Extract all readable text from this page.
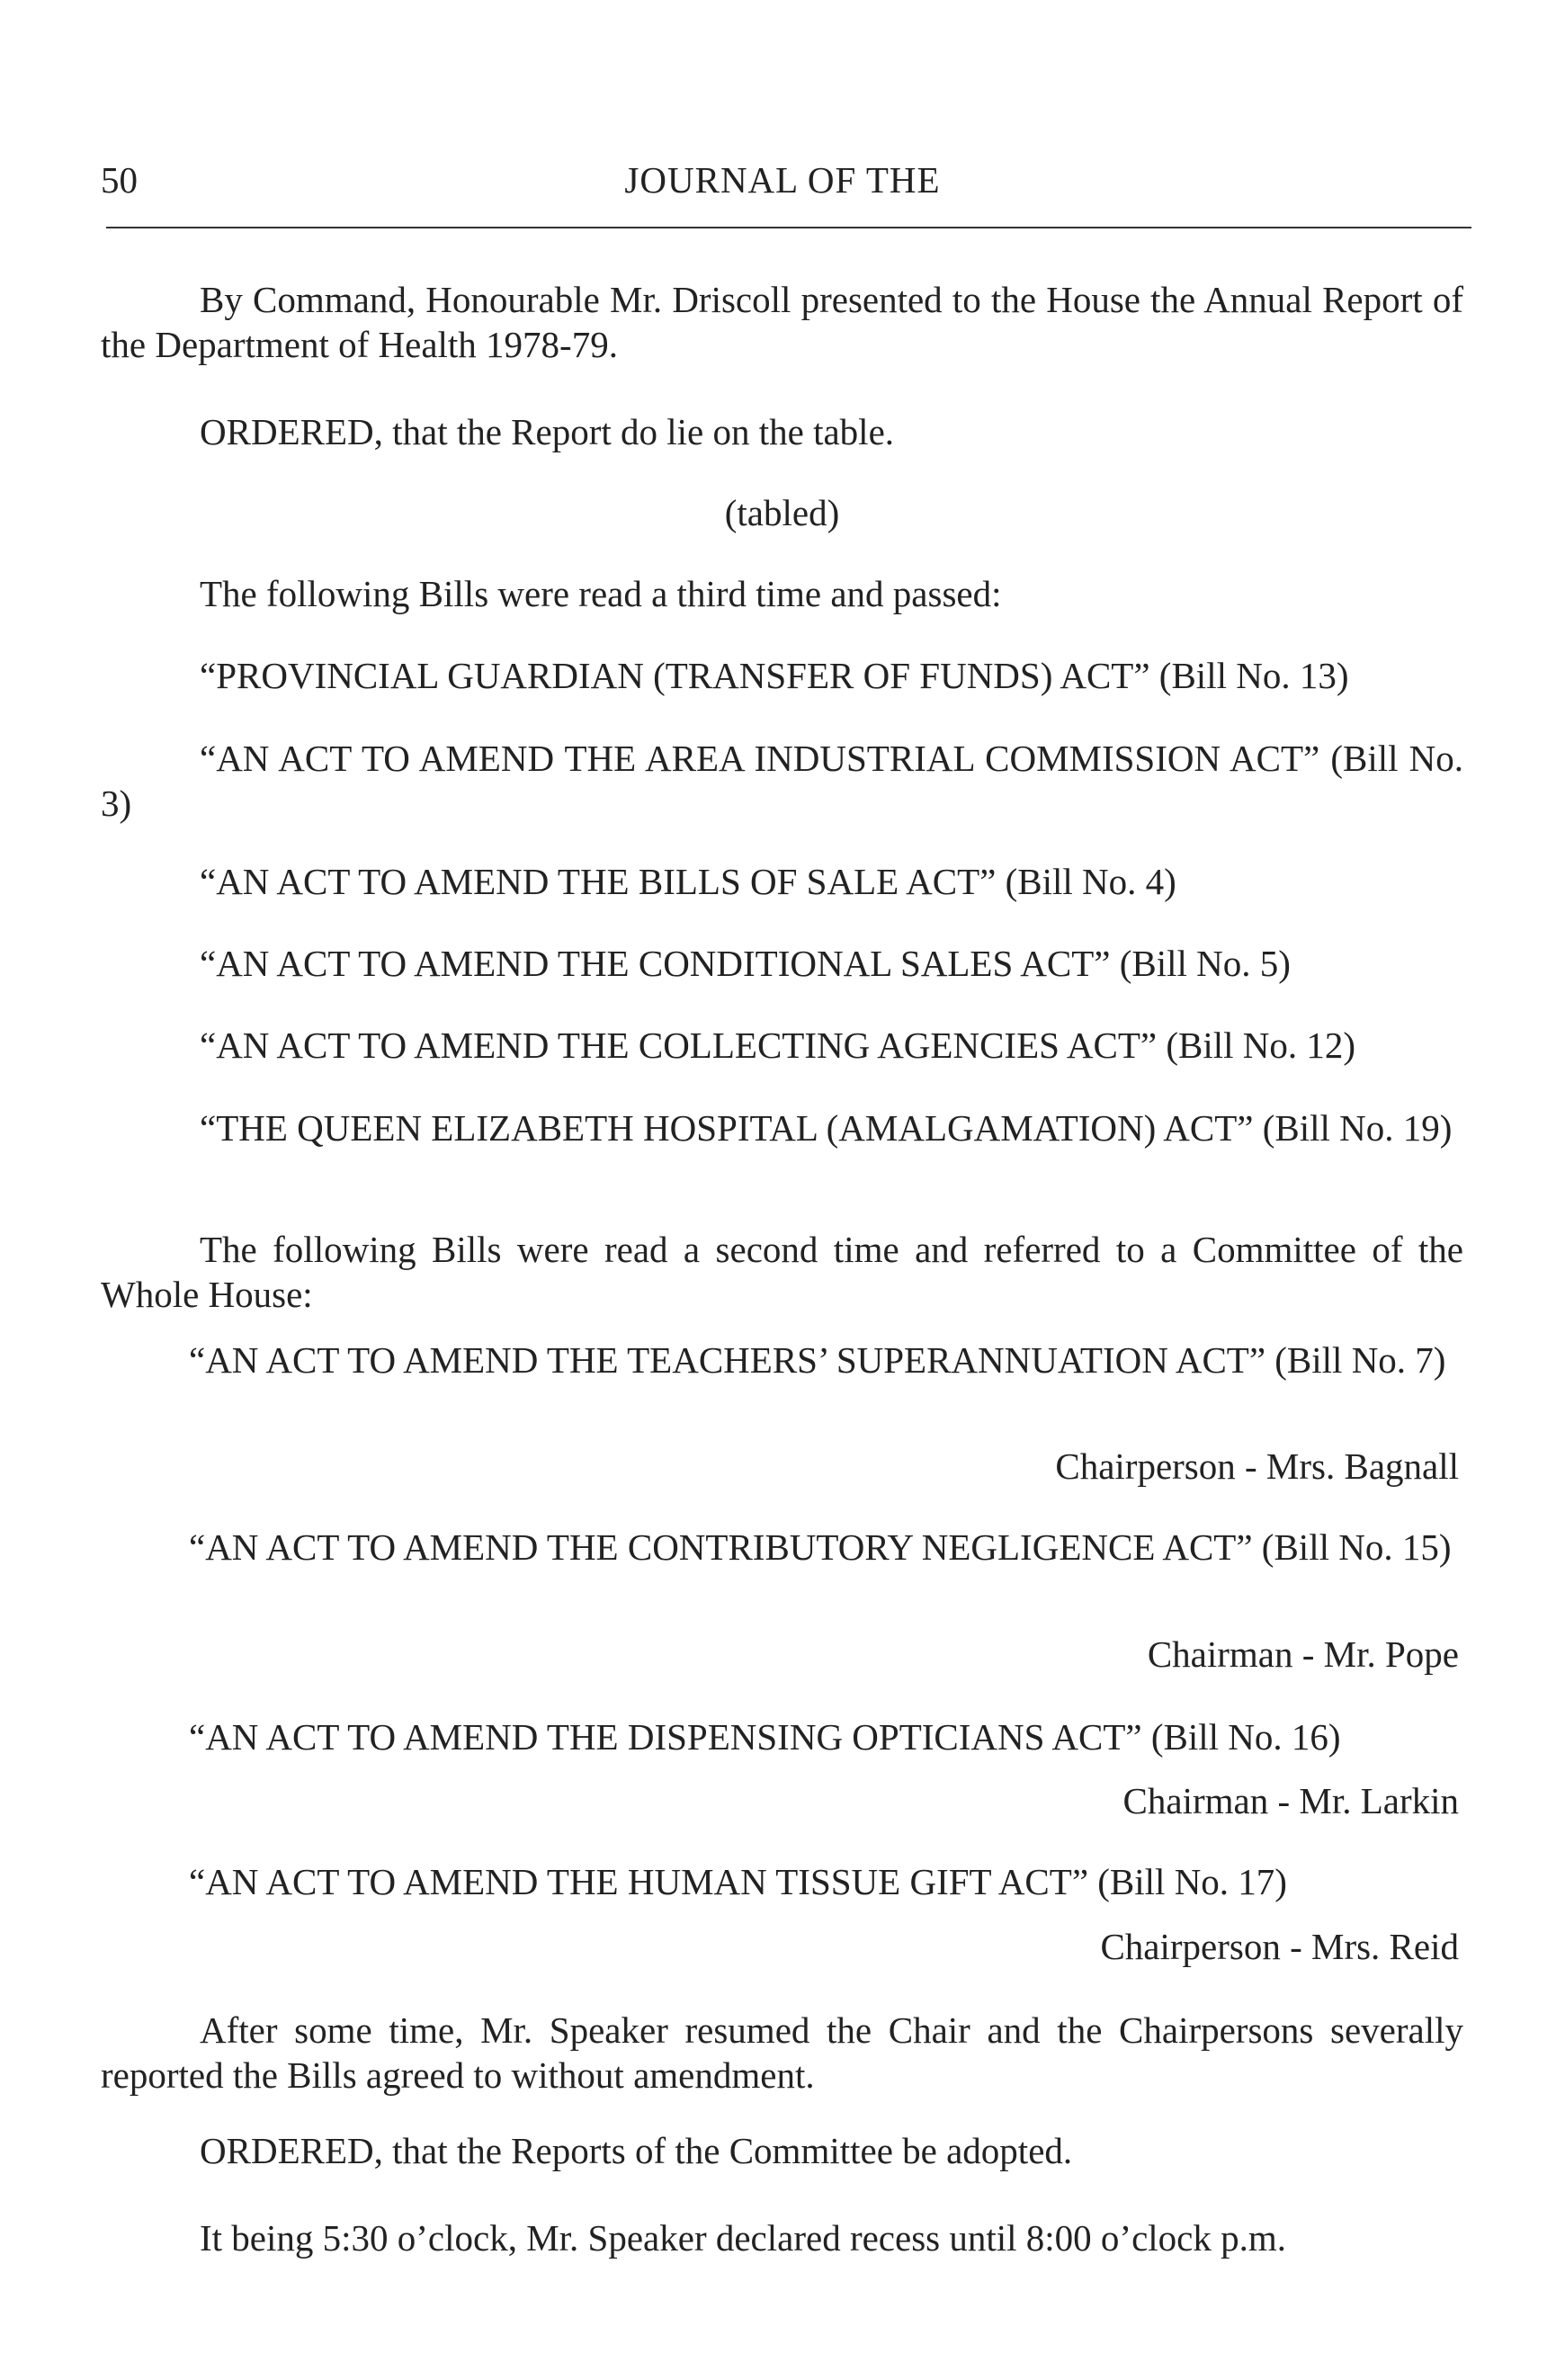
50	JOURNAL OF THE

By Command, Honourable Mr. Driscoll presented to the House the Annual Report of the Department of Health 1978-79.

ORDERED, that the Report do lie on the table.

(tabled)

The following Bills were read a third time and passed:

“PROVINCIAL GUARDIAN (TRANSFER OF FUNDS) ACT” (Bill No. 13)

“AN ACT TO AMEND THE AREA INDUSTRIAL COMMISSION ACT” (Bill No. 3)

“AN ACT TO AMEND THE BILLS OF SALE ACT” (Bill No. 4)

“AN ACT TO AMEND THE CONDITIONAL SALES ACT” (Bill No. 5)

“AN ACT TO AMEND THE COLLECTING AGENCIES ACT” (Bill No. 12)

“THE QUEEN ELIZABETH HOSPITAL (AMALGAMATION) ACT” (Bill No. 19)

The following Bills were read a second time and referred to a Committee of the Whole House:

“AN ACT TO AMEND THE TEACHERS’ SUPERANNUATION ACT” (Bill No. 7)

Chairperson - Mrs. Bagnall

“AN ACT TO AMEND THE CONTRIBUTORY NEGLIGENCE ACT” (Bill No. 15)

Chairman - Mr. Pope

“AN ACT TO AMEND THE DISPENSING OPTICIANS ACT” (Bill No. 16)

Chairman - Mr. Larkin

“AN ACT TO AMEND THE HUMAN TISSUE GIFT ACT” (Bill No. 17)

Chairperson - Mrs. Reid

After some time, Mr. Speaker resumed the Chair and the Chairpersons severally reported the Bills agreed to without amendment.

ORDERED, that the Reports of the Committee be adopted.

It being 5:30 o’clock, Mr. Speaker declared recess until 8:00 o’clock p.m.
